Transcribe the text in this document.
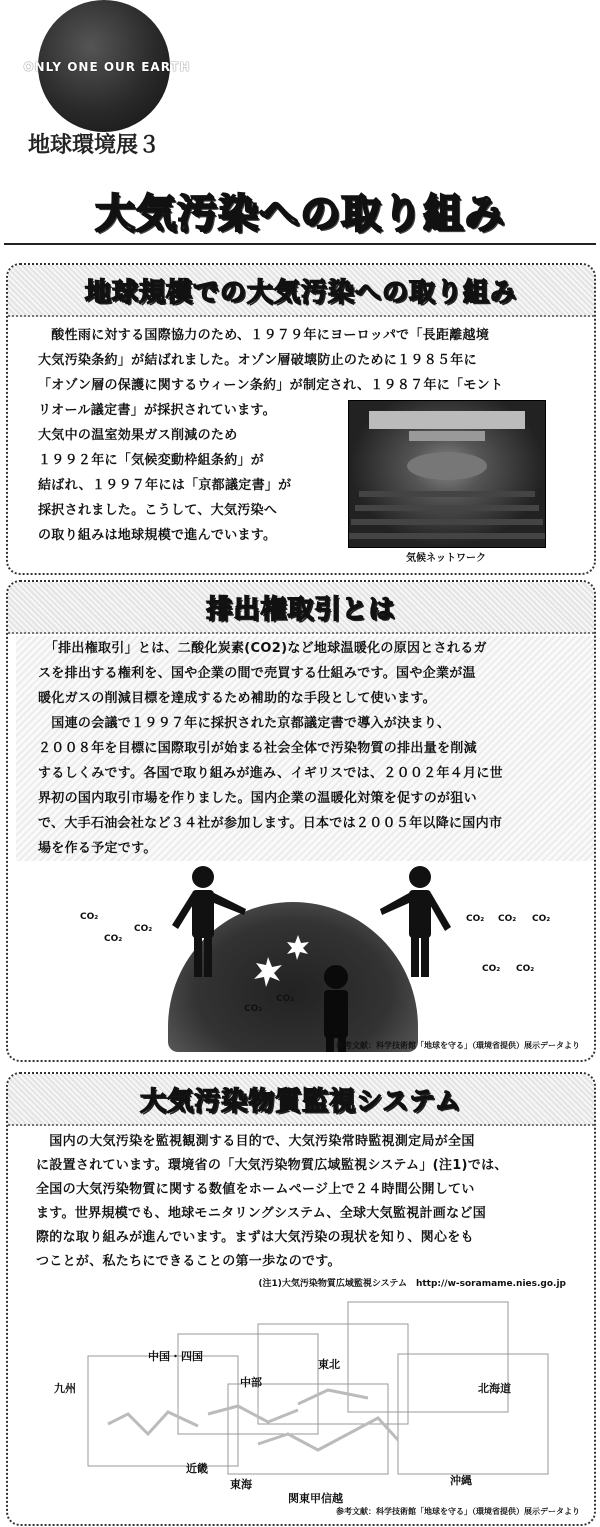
ONLY ONE OUR EARTH
地球環境展３
大気汚染への取り組み
地球規模での大気汚染への取り組み
　酸性雨に対する国際協力のため、１９７９年にヨーロッパで「長距離越境
大気汚染条約」が結ばれました。オゾン層破壊防止のために１９８５年に
「オゾン層の保護に関するウィーン条約」が制定され、１９８７年に「モント
リオール議定書」が採択されています。
大気中の温室効果ガス削減のため
１９９２年に「気候変動枠組条約」が
結ばれ、１９９７年には「京都議定書」が
採択されました。こうして、大気汚染へ
の取り組みは地球規模で進んでいます。
気候ネットワーク
排出権取引とは
　「排出権取引」とは、二酸化炭素(CO2)など地球温暖化の原因とされるガ
スを排出する権利を、国や企業の間で売買する仕組みです。国や企業が温
暖化ガスの削減目標を達成するため補助的な手段として使います。
　国連の会議で１９９７年に採択された京都議定書で導入が決まり、
２００８年を目標に国際取引が始まる社会全体で汚染物質の排出量を削減
するしくみです。各国で取り組みが進み、イギリスでは、２００２年４月に世
界初の国内取引市場を作りました。国内企業の温暖化対策を促すのが狙い
で、大手石油会社など３４社が参加します。日本では２００５年以降に国内市
場を作る予定です。
CO₂
CO₂
CO₂
CO₂ CO₂ CO₂
CO₂ CO₂
CO₂
CO₂
参考文献：科学技術館「地球を守る」（環境省提供）展示データより
大気汚染物質監視システム
　国内の大気汚染を監視観測する目的で、大気汚染常時監視測定局が全国
に設置されています。環境省の「大気汚染物質広域監視システム」(注1)では、
全国の大気汚染物質に関する数値をホームページ上で２４時間公開してい
ます。世界規模でも、地球モニタリングシステム、全球大気監視計画など国
際的な取り組みが進んでいます。まずは大気汚染の現状を知り、関心をも
つことが、私たちにできることの第一歩なのです。
(注1)大気汚染物質広域監視システム　http://w-soramame.nies.go.jp
九州
中国・四国
中部
東北
北海道
近畿
東海
関東甲信越
沖縄
参考文献：科学技術館「地球を守る」（環境省提供）展示データより
